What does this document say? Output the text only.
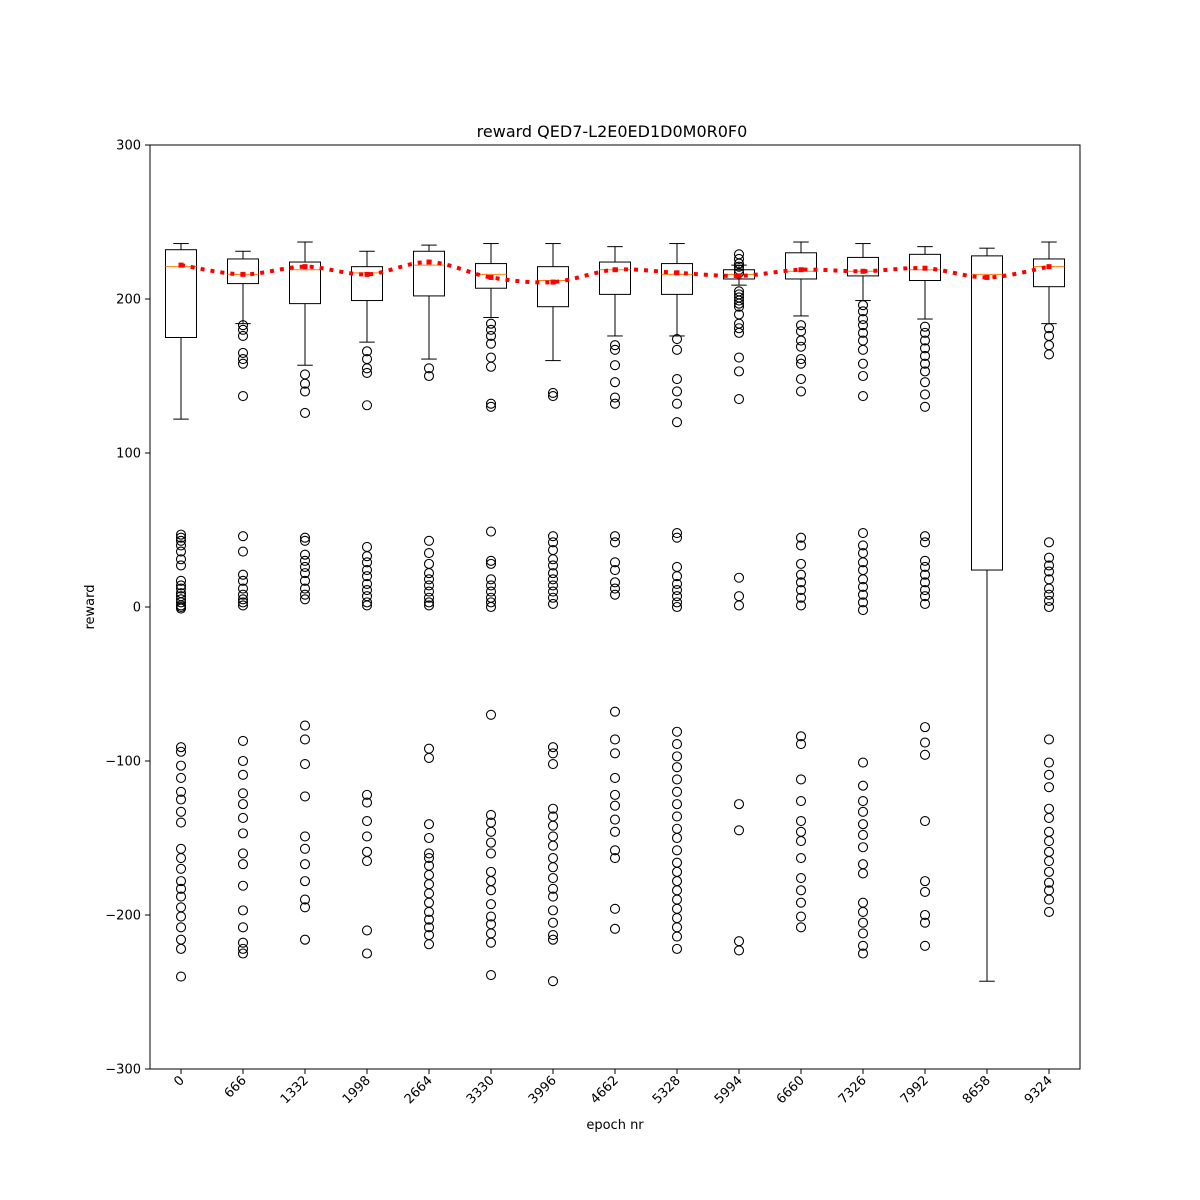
reward QED7-L2E0ED1D0M0R0F0
−300
−200
−100
0
100
200
300
0	666 1332 1998 2664 3330 3996 4662 5328 5994 6660 7326 7992 8658 9324
epoch nr
reward
